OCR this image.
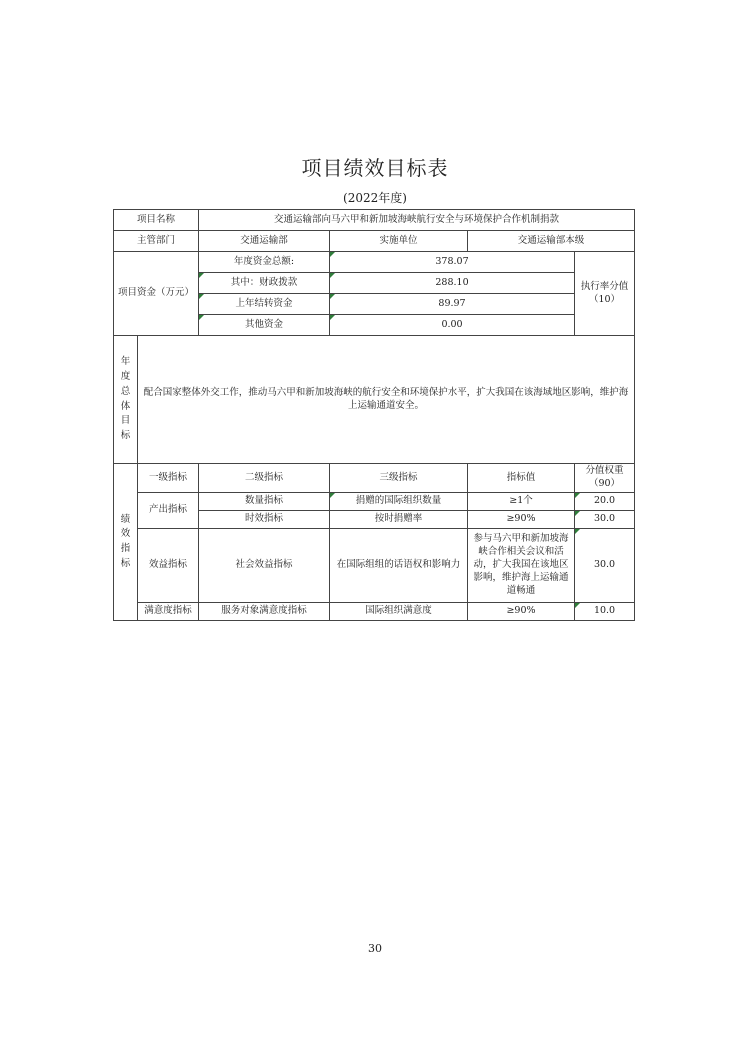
项目绩效目标表
(2022年度)
项目名称		交通运输部向马六甲和新加坡海峡航行安全与环境保护合作机制捐款			
主管部门		交通运输部	实施单位	交通运输部本级	
项目资金（万元）		年度资金总额:	378.07		执行率分值（10）
		其中：财政拨款	288.10		
		上年结转资金	89.97		
		其他资金	0.00		
年度总体目标	配合国家整体外交工作，推动马六甲和新加坡海峡的航行安全和环境保护水平，扩大我国在该海域地区影响，维护海上运输通道安全。				
绩效指标	一级指标	二级指标	三级指标	指标值	分值权重（90）
	产出指标	数量指标	捐赠的国际组织数量	≥1个	20.0
		时效指标	按时捐赠率	≥90%	30.0
	效益指标	社会效益指标	在国际组组的话语权和影响力	参与马六甲和新加坡海峡合作相关会议和活动，扩大我国在该地区影响，维护海上运输通道畅通	30.0
	满意度指标	服务对象满意度指标	国际组织满意度	≥90%	10.0
30
